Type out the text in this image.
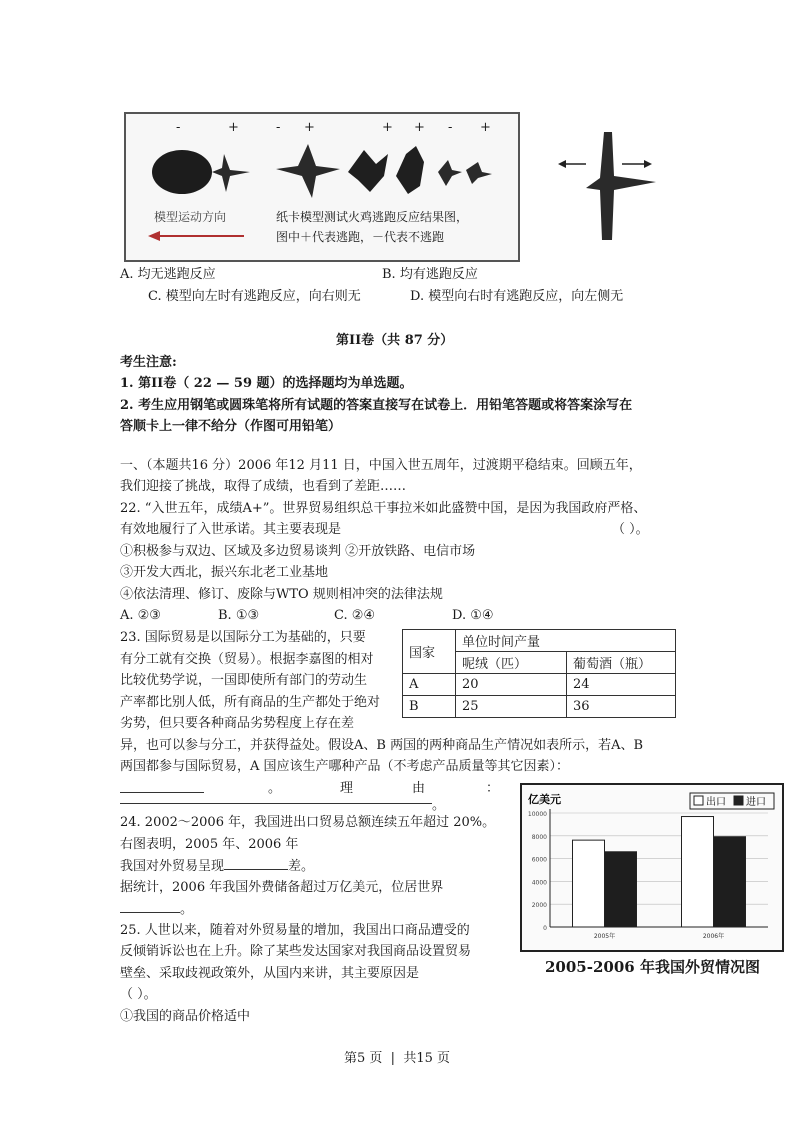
-	+	- +	+ + - +
模型运动方向	纸卡模型测试火鸡逃跑反应结果图，
图中＋代表逃跑，－代表不逃跑
A. 均无逃跑反应	B. 均有逃跑反应
C. 模型向左时有逃跑反应，向右则无	D. 模型向右时有逃跑反应，向左侧无
第II卷（共 87 分）
考生注意:
1. 第II卷（ 22 — 59 题）的选择题均为单选题。
2. 考生应用钢笔或圆珠笔将所有试题的答案直接写在试卷上．用铅笔答题或将答案涂写在
答顺卡上一律不给分（作图可用铅笔）
一、（本题共16 分）2006 年12 月11 日，中国入世五周年，过渡期平稳结束。回顾五年，
我们迎接了挑战，取得了成绩，也看到了差距……
22. “入世五年，成绩A+”。世界贸易组织总干事拉米如此盛赞中国，是因为我国政府严格、
有效地履行了入世承诺。其主要表现是	（ ）。
①积极参与双边、区域及多边贸易谈判 ②开放铁路、电信市场
③开发大西北，振兴东北老工业基地
④依法清理、修订、废除与WTO 规则相冲突的法律法规
A. ②③	B. ①③	C. ②④	D. ①④
23. 国际贸易是以国际分工为基础的，只要
有分工就有交换（贸易）。根据李嘉图的相对
比较优势学说，一国即使所有部门的劳动生
产率都比别人低，所有商品的生产都处于绝对
劣势，但只要各种商品劣势程度上存在差
国家	单位时间产量	
	呢绒（匹）	葡萄酒（瓶）
A	20	24
B	25	36
异，也可以参与分工，并获得益处。假设A、B 两国的两种商品生产情况如表所示，若A、B
两国都参与国际贸易，A 国应该生产哪种产品（不考虑产品质量等其它因素）：
。	理	由	：
。
24. 2002～2006 年，我国进出口贸易总额连续五年超过 20%。
右图表明，2005 年、2006 年
我国对外贸易呈现	差。
据统计，2006 年我国外费储备超过万亿美元，位居世界
。
25. 人世以来，随着对外贸易量的增加，我国出口商品遭受的
反倾销诉讼也在上升。除了某些发达国家对我国商品设置贸易
壁垒、采取歧视政策外，从国内来讲，其主要原因是
（ ）。
①我国的商品价格适中
亿美元	出口 进口
10000
8000
6000
4000
2000
0
2005年	2006年
2005-2006 年我国外贸情况图
第5 页  |  共15 页
